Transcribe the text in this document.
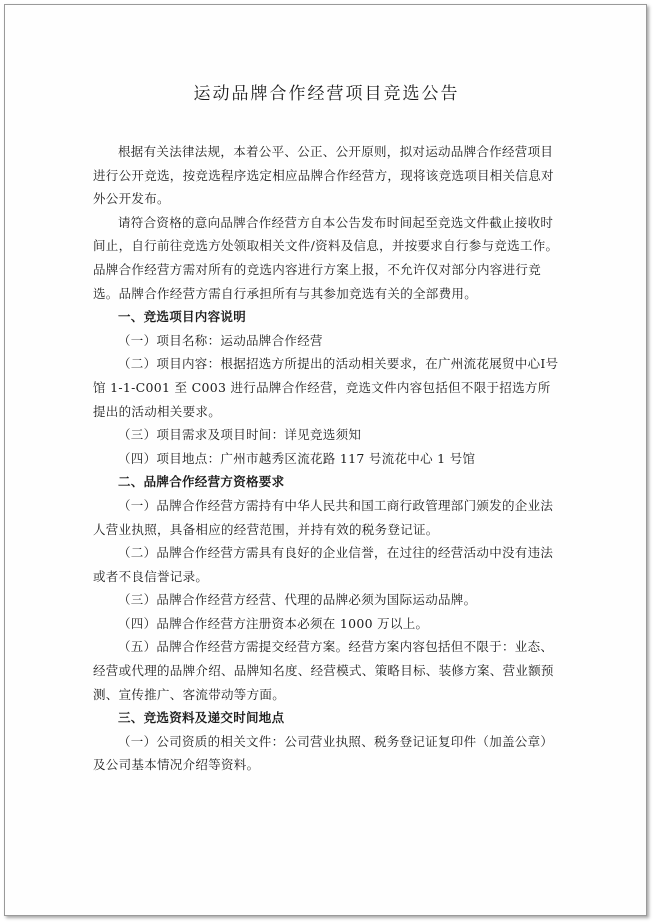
运动品牌合作经营项目竞选公告

根据有关法律法规，本着公平、公正、公开原则，拟对运动品牌合作经营项目进行公开竞选，按竞选程序选定相应品牌合作经营方，现将该竞选项目相关信息对外公开发布。

请符合资格的意向品牌合作经营方自本公告发布时间起至竞选文件截止接收时间止，自行前往竞选方处领取相关文件/资料及信息，并按要求自行参与竞选工作。品牌合作经营方需对所有的竞选内容进行方案上报，不允许仅对部分内容进行竞选。品牌合作经营方需自行承担所有与其参加竞选有关的全部费用。

一、竞选项目内容说明

（一）项目名称：运动品牌合作经营

（二）项目内容：根据招选方所提出的活动相关要求，在广州流花展贸中心Ⅰ号馆 1-1-C001 至 C003 进行品牌合作经营，竞选文件内容包括但不限于招选方所提出的活动相关要求。

（三）项目需求及项目时间：详见竞选须知

（四）项目地点：广州市越秀区流花路 117 号流花中心 1 号馆

二、品牌合作经营方资格要求

（一）品牌合作经营方需持有中华人民共和国工商行政管理部门颁发的企业法人营业执照，具备相应的经营范围，并持有效的税务登记证。

（二）品牌合作经营方需具有良好的企业信誉，在过往的经营活动中没有违法或者不良信誉记录。

（三）品牌合作经营方经营、代理的品牌必须为国际运动品牌。

（四）品牌合作经营方注册资本必须在 1000 万以上。

（五）品牌合作经营方需提交经营方案。经营方案内容包括但不限于：业态、经营或代理的品牌介绍、品牌知名度、经营模式、策略目标、装修方案、营业额预测、宣传推广、客流带动等方面。

三、竞选资料及递交时间地点

（一）公司资质的相关文件：公司营业执照、税务登记证复印件（加盖公章）及公司基本情况介绍等资料。
